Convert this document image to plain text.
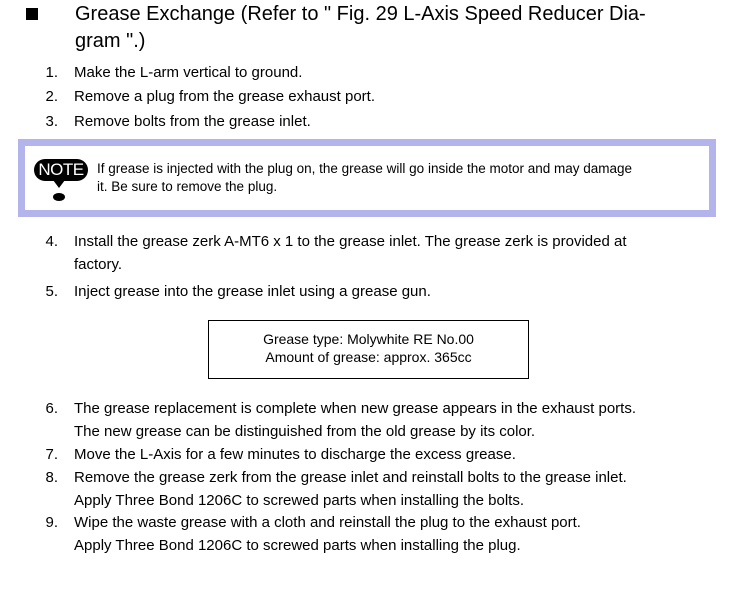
Grease Exchange (Refer to " Fig. 29 L-Axis Speed Reducer Dia-
gram ".)
1. Make the L-arm vertical to ground.
2. Remove a plug from the grease exhaust port.
3. Remove bolts from the grease inlet.
NOTE If grease is injected with the plug on, the grease will go inside the motor and may damage
it. Be sure to remove the plug.
4. Install the grease zerk A-MT6 x 1 to the grease inlet. The grease zerk is provided at
factory.
5. Inject grease into the grease inlet using a grease gun.
Grease type: Molywhite RE No.00
Amount of grease: approx. 365cc
6. The grease replacement is complete when new grease appears in the exhaust ports.
The new grease can be distinguished from the old grease by its color.
7. Move the L-Axis for a few minutes to discharge the excess grease.
8. Remove the grease zerk from the grease inlet and reinstall bolts to the grease inlet.
Apply Three Bond 1206C to screwed parts when installing the bolts.
9. Wipe the waste grease with a cloth and reinstall the plug to the exhaust port.
Apply Three Bond 1206C to screwed parts when installing the plug.
